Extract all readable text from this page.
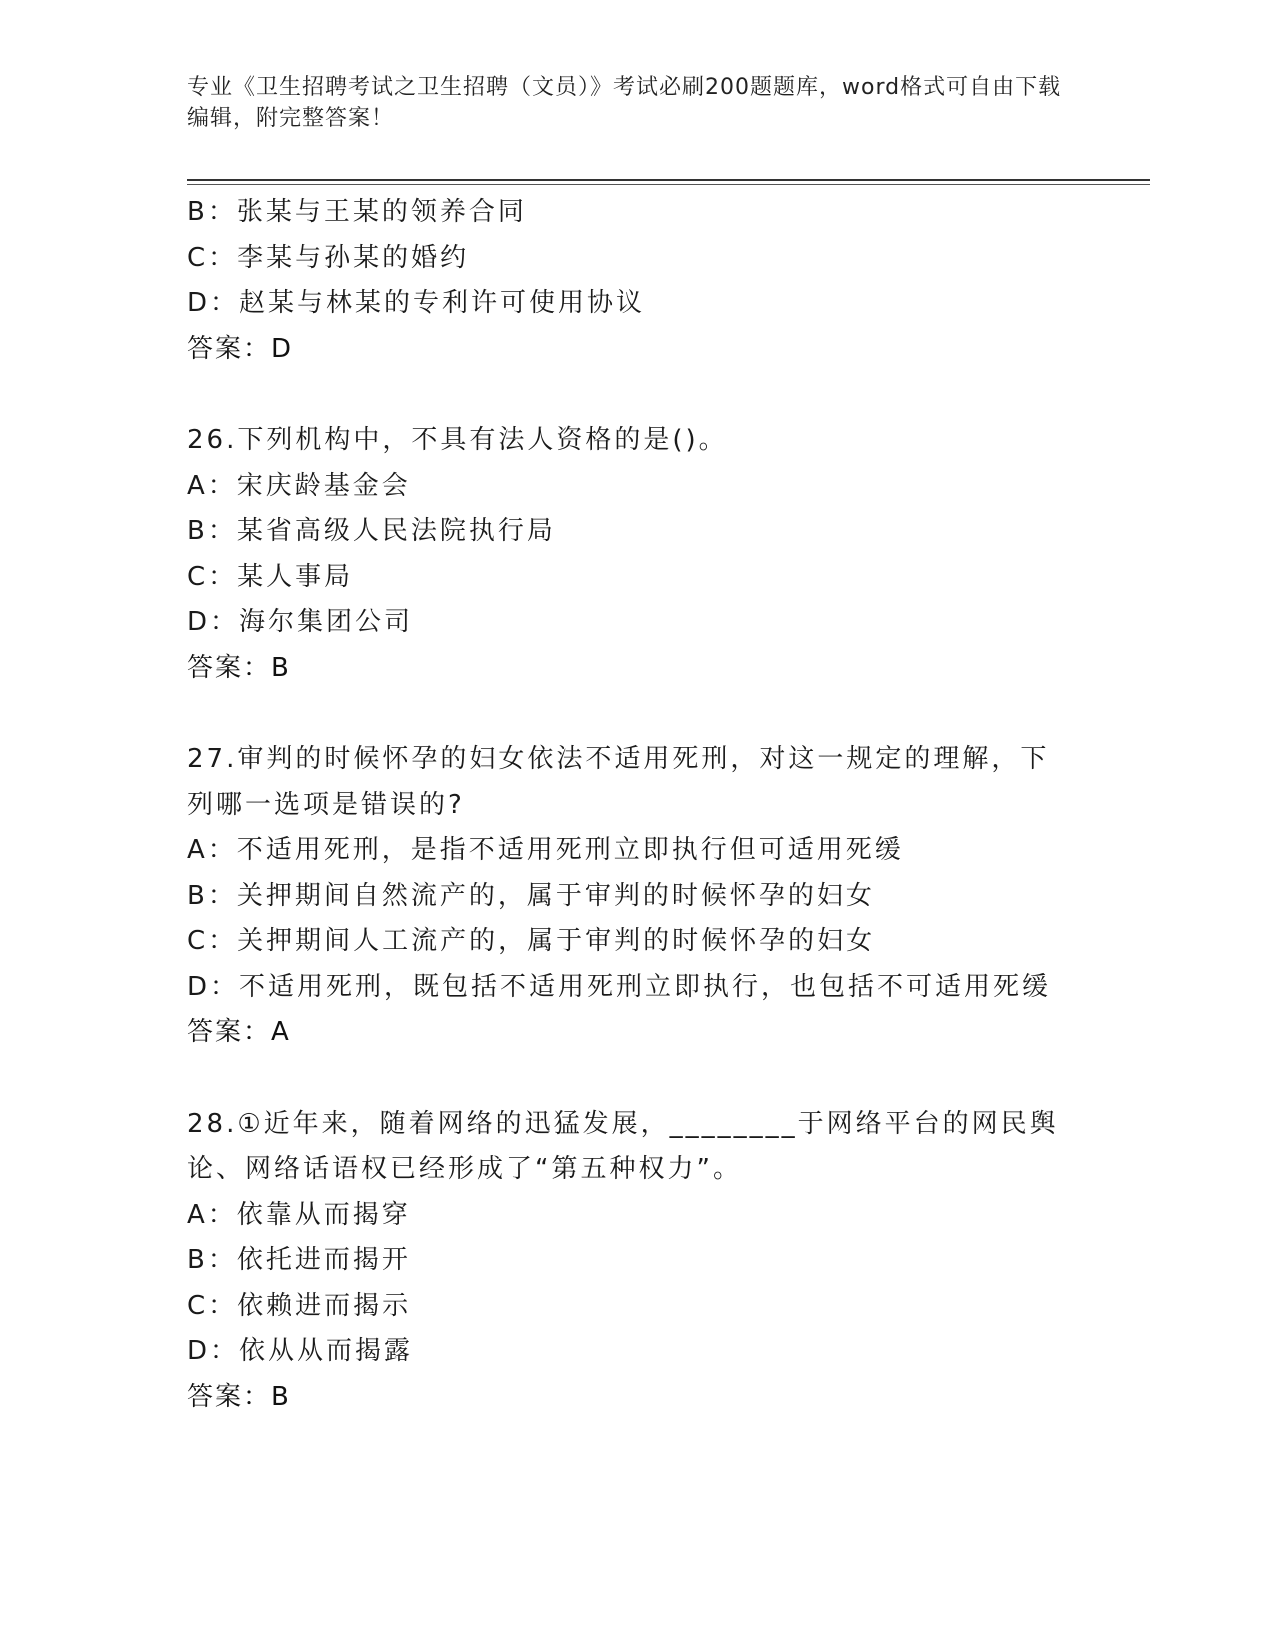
专业《卫生招聘考试之卫生招聘（文员）》考试必刷200题题库，word格式可自由下载编辑，附完整答案！
B：张某与王某的领养合同
C：李某与孙某的婚约
D：赵某与林某的专利许可使用协议
答案：D
26.下列机构中，不具有法人资格的是()。
A：宋庆龄基金会
B：某省高级人民法院执行局
C：某人事局
D：海尔集团公司
答案：B
27.审判的时候怀孕的妇女依法不适用死刑，对这一规定的理解，下列哪一选项是错误的?
A：不适用死刑，是指不适用死刑立即执行但可适用死缓
B：关押期间自然流产的，属于审判的时候怀孕的妇女
C：关押期间人工流产的，属于审判的时候怀孕的妇女
D：不适用死刑，既包括不适用死刑立即执行，也包括不可适用死缓
答案：A
28.①近年来，随着网络的迅猛发展，________于网络平台的网民舆论、网络话语权已经形成了“第五种权力”。
A：依靠从而揭穿
B：依托进而揭开
C：依赖进而揭示
D：依从从而揭露
答案：B
